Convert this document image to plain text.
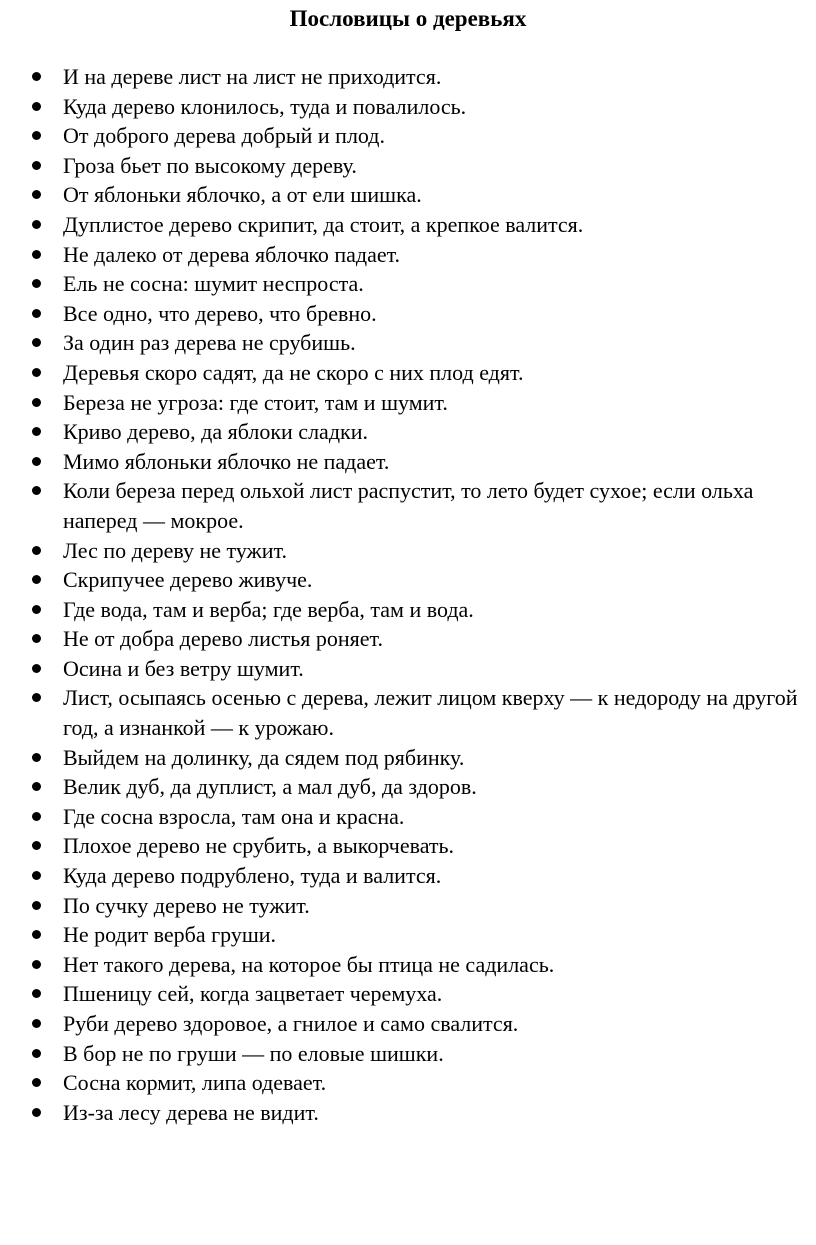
Пословицы о деревьях
И на дереве лист на лист не приходится.
Куда дерево клонилось, туда и повалилось.
От доброго дерева добрый и плод.
Гроза бьет по высокому дереву.
От яблоньки яблочко, а от ели шишка.
Дуплистое дерево скрипит, да стоит, а крепкое валится.
Не далеко от дерева яблочко падает.
Ель не сосна: шумит неспроста.
Все одно, что дерево, что бревно.
За один раз дерева не срубишь.
Деревья скоро садят, да не скоро с них плод едят.
Береза не угроза: где стоит, там и шумит.
Криво дерево, да яблоки сладки.
Мимо яблоньки яблочко не падает.
Коли береза перед ольхой лист распустит, то лето будет сухое; если ольха наперед — мокрое.
Лес по дереву не тужит.
Скрипучее дерево живуче.
Где вода, там и верба; где верба, там и вода.
Не от добра дерево листья роняет.
Осина и без ветру шумит.
Лист, осыпаясь осенью с дерева, лежит лицом кверху — к недороду на другой год, а изнанкой — к урожаю.
Выйдем на долинку, да сядем под рябинку.
Велик дуб, да дуплист, а мал дуб, да здоров.
Где сосна взросла, там она и красна.
Плохое дерево не срубить, а выкорчевать.
Куда дерево подрублено, туда и валится.
По сучку дерево не тужит.
Не родит верба груши.
Нет такого дерева, на которое бы птица не садилась.
Пшеницу сей, когда зацветает черемуха.
Руби дерево здоровое, а гнилое и само свалится.
В бор не по груши — по еловые шишки.
Сосна кормит, липа одевает.
Из-за лесу дерева не видит.
